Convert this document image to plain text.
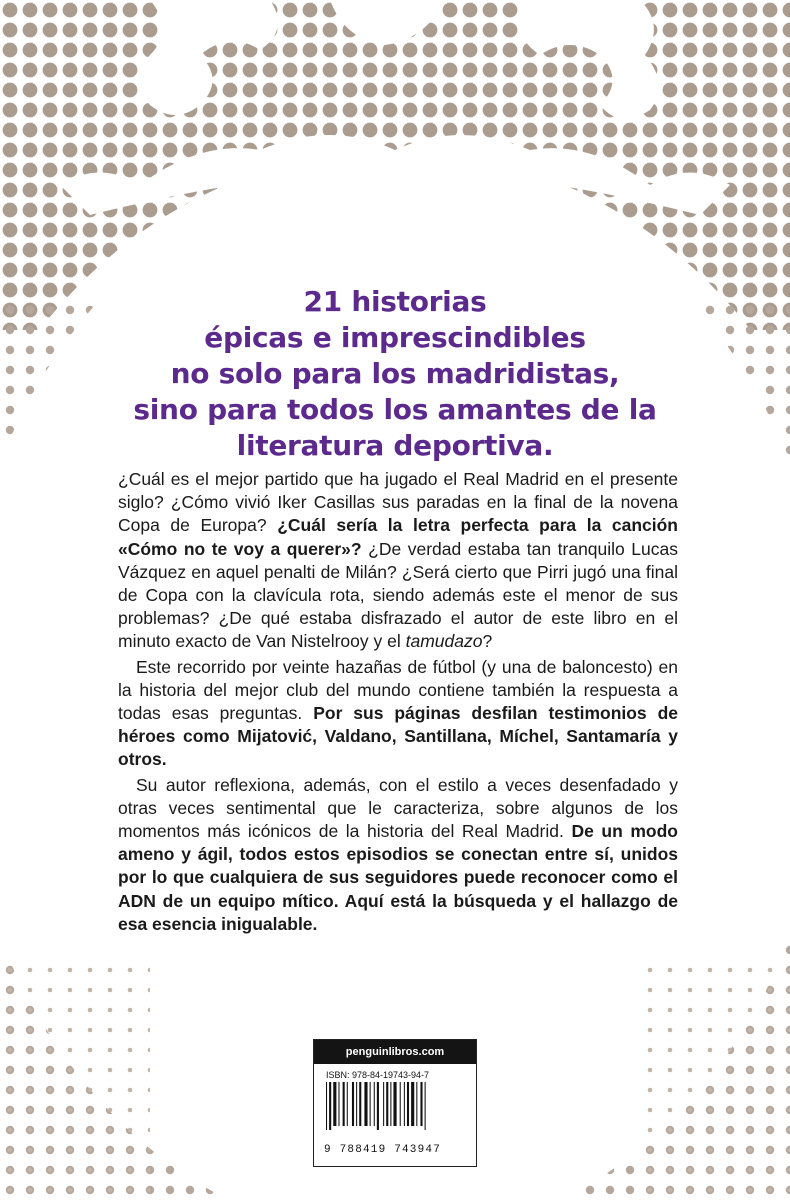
21 historias
épicas e imprescindibles
no solo para los madridistas,
sino para todos los amantes de la
literatura deportiva.

¿Cuál es el mejor partido que ha jugado el Real Madrid en el presente siglo? ¿Cómo vivió Iker Casillas sus paradas en la final de la novena Copa de Europa? ¿Cuál sería la letra perfecta para la canción «Cómo no te voy a querer»? ¿De verdad estaba tan tranquilo Lucas Vázquez en aquel penalti de Milán? ¿Será cierto que Pirri jugó una final de Copa con la clavícula rota, siendo además este el menor de sus problemas? ¿De qué estaba disfrazado el autor de este libro en el minuto exacto de Van Nistelrooy y el tamudazo?

Este recorrido por veinte hazañas de fútbol (y una de baloncesto) en la historia del mejor club del mundo contiene también la respuesta a todas esas preguntas. Por sus páginas desfilan testimonios de héroes como Mijatović, Valdano, Santillana, Míchel, Santamaría y otros.

Su autor reflexiona, además, con el estilo a veces desenfadado y otras veces sentimental que le caracteriza, sobre algunos de los momentos más icónicos de la historia del Real Madrid. De un modo ameno y ágil, todos estos episodios se conectan entre sí, unidos por lo que cualquiera de sus seguidores puede reconocer como el ADN de un equipo mítico. Aquí está la búsqueda y el hallazgo de esa esencia inigualable.

penguinlibros.com
ISBN: 978-84-19743-94-7
9 788419 743947
